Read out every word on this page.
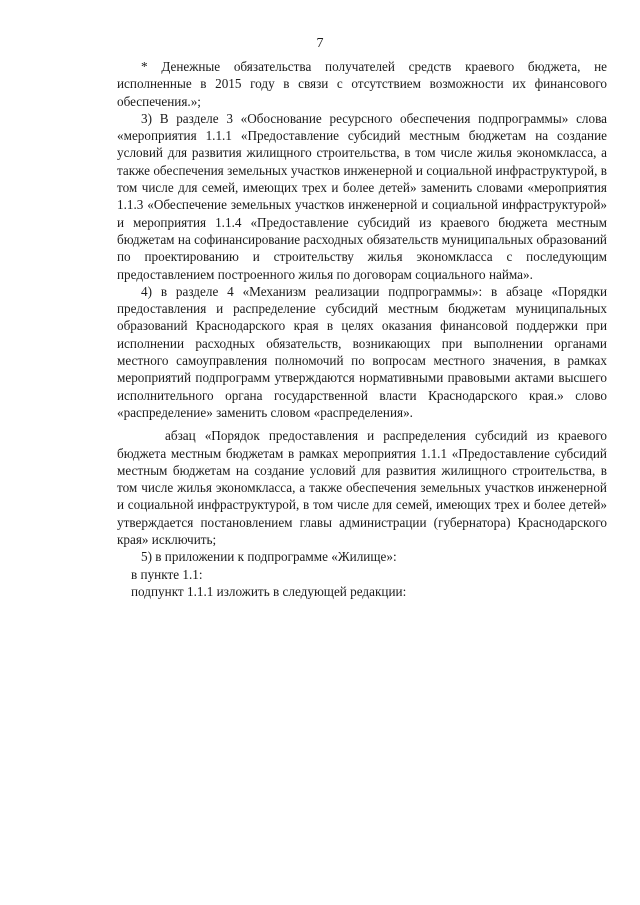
7

* Денежные обязательства получателей средств краевого бюджета, не исполненные в 2015 году в связи с отсутствием возможности их финансового обеспечения.»;

3) В разделе 3 «Обоснование ресурсного обеспечения подпрограммы» слова «мероприятия 1.1.1 «Предоставление субсидий местным бюджетам на создание условий для развития жилищного строительства, в том числе жилья экономкласса, а также обеспечения земельных участков инженерной и социальной инфраструктурой, в том числе для семей, имеющих трех и более детей» заменить словами «мероприятия 1.1.3 «Обеспечение земельных участков инженерной и социальной инфраструктурой» и мероприятия 1.1.4 «Предоставление субсидий из краевого бюджета местным бюджетам на софинансирование расходных обязательств муниципальных образований по проектированию и строительству жилья экономкласса с последующим предоставлением построенного жилья по договорам социального найма».

4) в разделе 4 «Механизм реализации подпрограммы»: в абзаце «Порядки предоставления и распределение субсидий местным бюджетам муниципальных образований Краснодарского края в целях оказания финансовой поддержки при исполнении расходных обязательств, возникающих при выполнении органами местного самоуправления полномочий по вопросам местного значения, в рамках мероприятий подпрограмм утверждаются нормативными правовыми актами высшего исполнительного органа государственной власти Краснодарского края.» слово «распределение» заменить словом «распределения».

абзац «Порядок предоставления и распределения субсидий из краевого бюджета местным бюджетам в рамках мероприятия 1.1.1 «Предоставление субсидий местным бюджетам на создание условий для развития жилищного строительства, в том числе жилья экономкласса, а также обеспечения земельных участков инженерной и социальной инфраструктурой, в том числе для семей, имеющих трех и более детей» утверждается постановлением главы администрации (губернатора) Краснодарского края» исключить;

5) в приложении к подпрограмме «Жилище»:

в пункте 1.1:

подпункт 1.1.1 изложить в следующей редакции:
